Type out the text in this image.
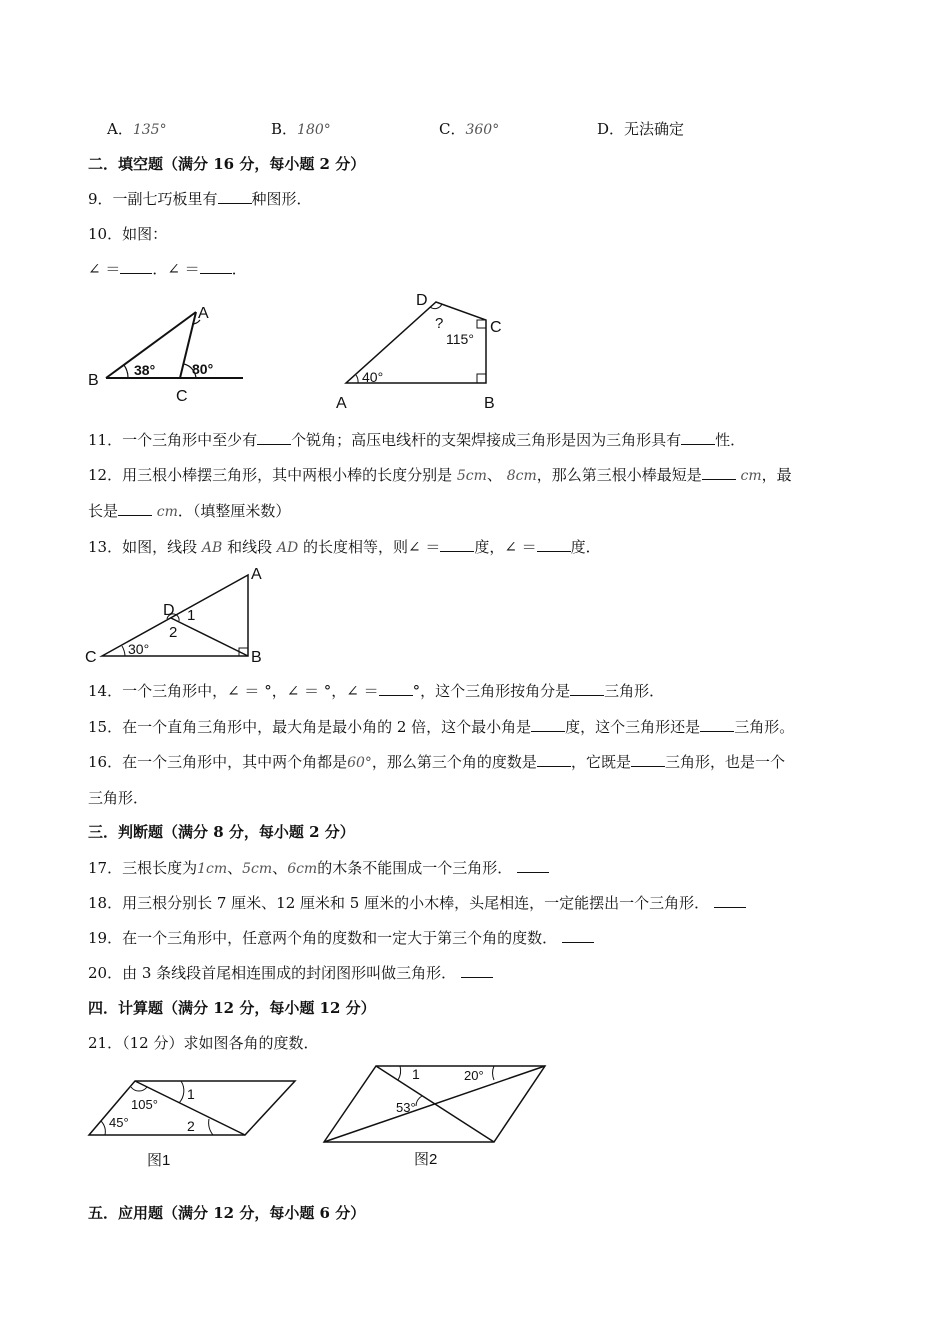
A．135°	B．180°	C．360°	D．无法确定
二．填空题（满分 16 分，每小题 2 分）
9．一副七巧板里有 种图形．
10．如图：
∠ ＝ ．∠ ＝ ．
B
A
C
38°	80°
D
C
A	B
?
115°
40°
11．一个三角形中至少有 个锐角；高压电线杆的支架焊接成三角形是因为三角形具有 性．
12．用三根小棒摆三角形，其中两根小棒的长度分别是 5cm、 8cm，那么第三根小棒最短是	cm，最
长是	cm．（填整厘米数）
13．如图，线段 AB 和线段 AD 的长度相等，则∠ ＝ 度，∠ ＝ 度．
C
A
B
D 1
2
30°
14．一个三角形中，∠ ＝ °，∠ ＝ °，∠ ＝ °，这个三角形按角分是 三角形．
15．在一个直角三角形中，最大角是最小角的 2 倍，这个最小角是 度，这个三角形还是 三角形。
16．在一个三角形中，其中两个角都是60°，那么第三个角的度数是 ，它既是 三角形，也是一个
三角形．
三．判断题（满分 8 分，每小题 2 分）
17．三根长度为1cm、5cm、6cm的木条不能围成一个三角形．
18．用三根分别长 7 厘米、12 厘米和 5 厘米的小木棒，头尾相连，一定能摆出一个三角形．
19．在一个三角形中，任意两个角的度数和一定大于第三个角的度数．
20．由 3 条线段首尾相连围成的封闭图形叫做三角形．
四．计算题（满分 12 分，每小题 12 分）
21．（12 分）求如图各角的度数．
105°
45°
1
2
图1
1	20°
53°
图2
五．应用题（满分 12 分，每小题 6 分）
